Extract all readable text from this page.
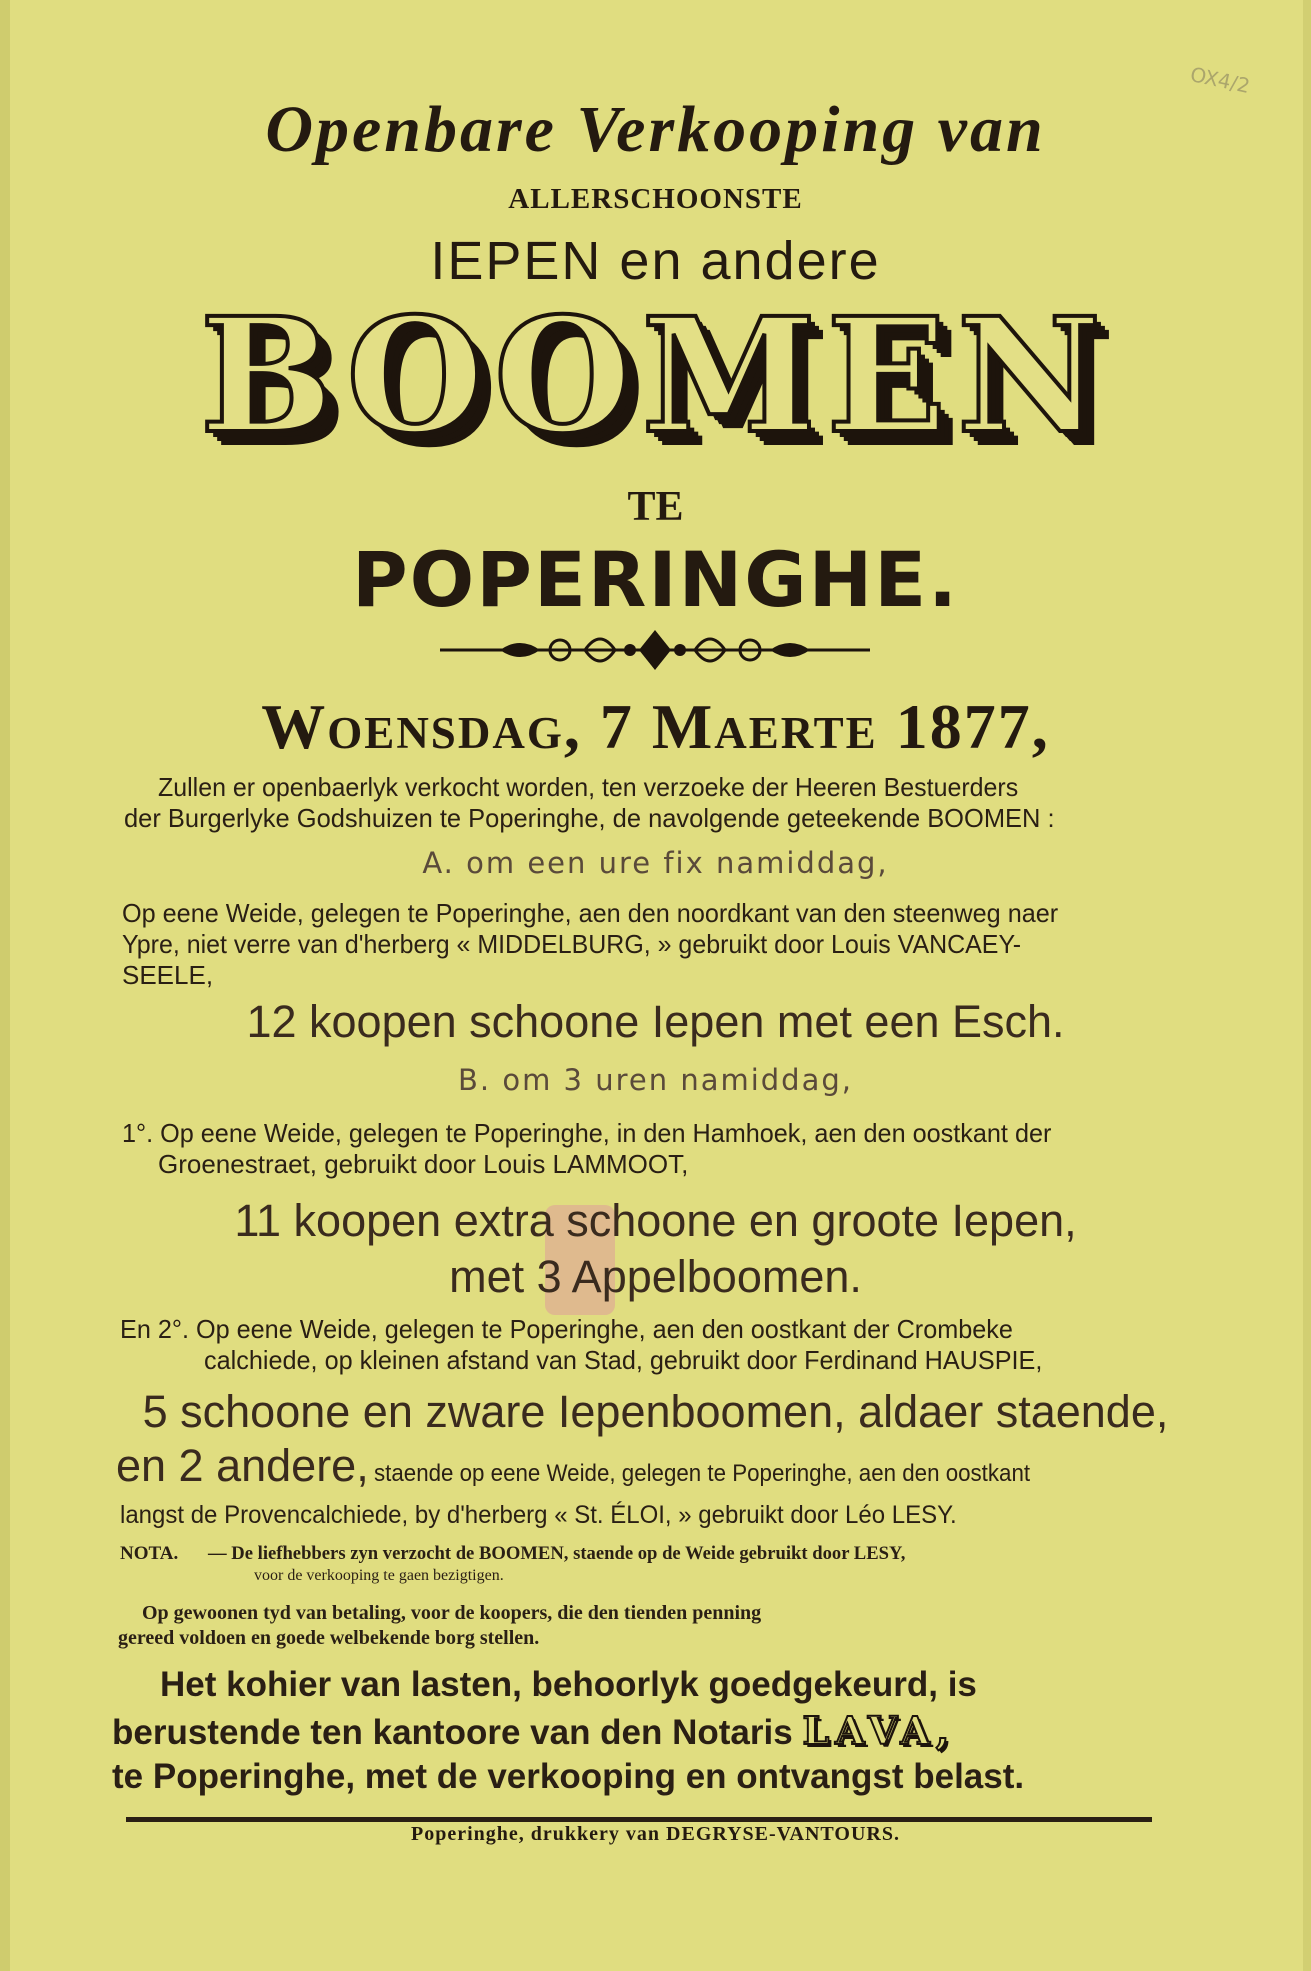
OX4/2
Openbare Verkooping van
ALLERSCHOONSTE
IEPEN en andere
BOOMEN
TE
POPERINGHE.
Woensdag, 7 Maerte 1877,
Zullen er openbaerlyk verkocht worden, ten verzoeke der Heeren Bestuerders
der Burgerlyke Godshuizen te Poperinghe, de navolgende geteekende BOOMEN :
A. om een ure fix namiddag,
Op eene Weide, gelegen te Poperinghe, aen den noordkant van den steenweg naer
Ypre, niet verre van d'herberg « MIDDELBURG, » gebruikt door Louis VANCAEY-
SEELE,
12 koopen schoone Iepen met een Esch.
B. om 3 uren namiddag,
1°. Op eene Weide, gelegen te Poperinghe, in den Hamhoek, aen den oostkant der
Groenestraet, gebruikt door Louis LAMMOOT,
11 koopen extra schoone en groote Iepen,
met 3 Appelboomen.
En 2°. Op eene Weide, gelegen te Poperinghe, aen den oostkant der Crombeke
calchiede, op kleinen afstand van Stad, gebruikt door Ferdinand HAUSPIE,
5 schoone en zware Iepenboomen, aldaer staende,
en 2 andere, staende op eene Weide, gelegen te Poperinghe, aen den oostkant
langst de Provencalchiede, by d'herberg « St. ÉLOI, » gebruikt door Léo LESY.
NOTA. — De liefhebbers zyn verzocht de BOOMEN, staende op de Weide gebruikt door LESY,
voor de verkooping te gaen bezigtigen.
Op gewoonen tyd van betaling, voor de koopers, die den tienden penning
gereed voldoen en goede welbekende borg stellen.
Het kohier van lasten, behoorlyk goedgekeurd, is
berustende ten kantoore van den Notaris LAVA,
te Poperinghe, met de verkooping en ontvangst belast.
Poperinghe, drukkery van DEGRYSE-VANTOURS.
